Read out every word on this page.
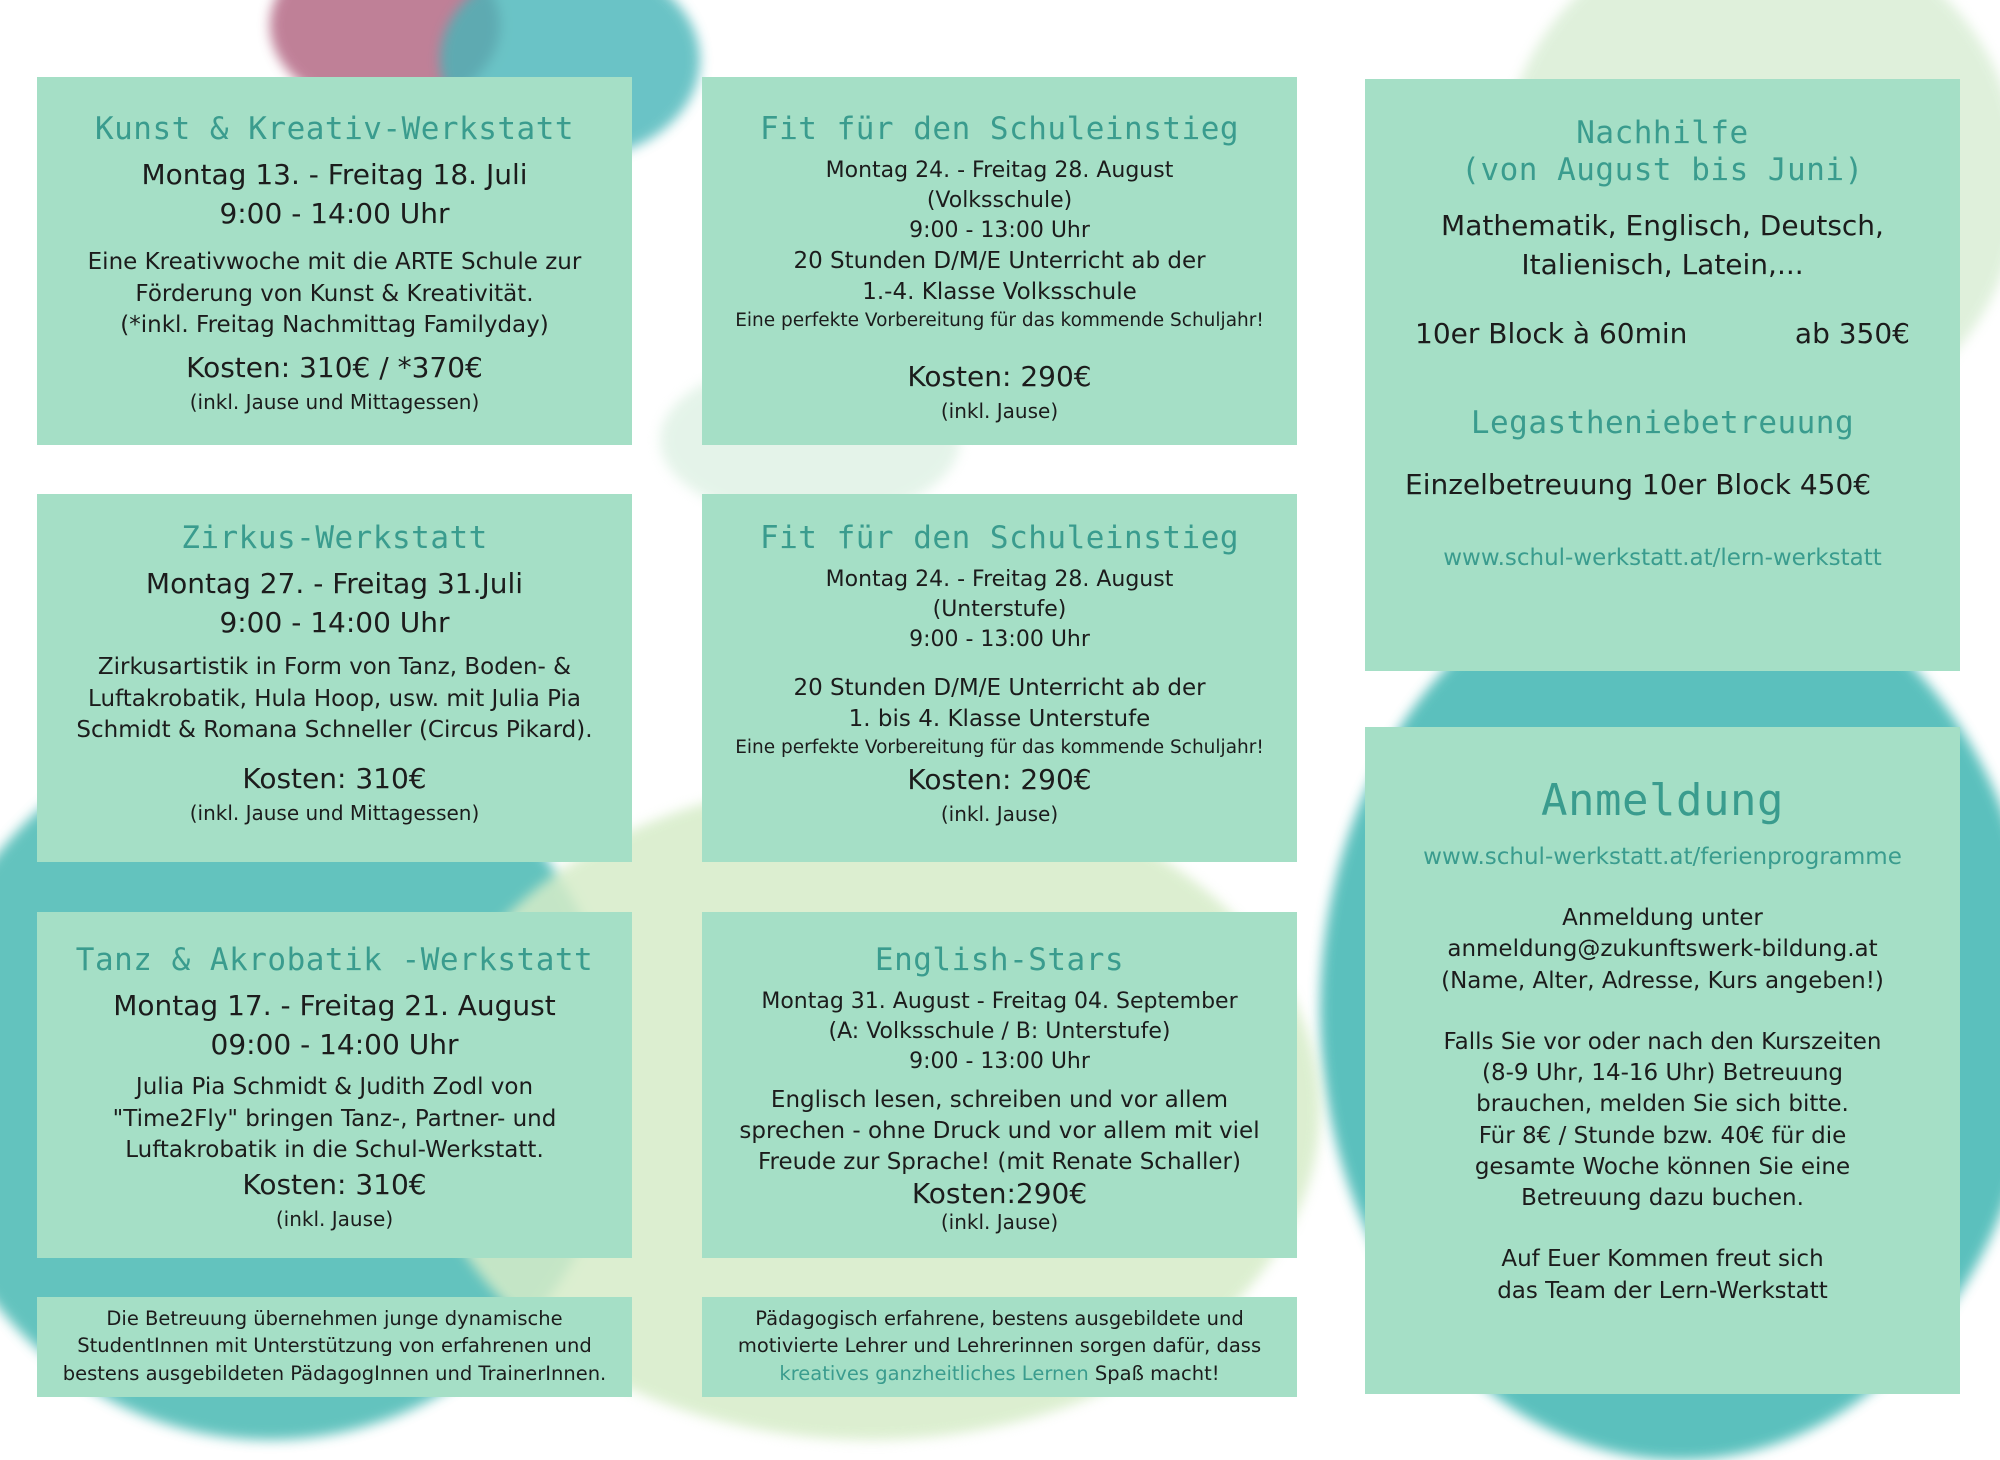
Kunst & Kreativ-Werkstatt
Montag 13. - Freitag 18. Juli
9:00 - 14:00 Uhr
Eine Kreativwoche mit die ARTE Schule zur
Förderung von Kunst & Kreativität.
(*inkl. Freitag Nachmittag Familyday)
Kosten: 310€ / *370€
(inkl. Jause und Mittagessen)
Fit für den Schuleinstieg
Montag 24. - Freitag 28. August
(Volksschule)
9:00 - 13:00 Uhr
20 Stunden D/M/E Unterricht ab der
1.-4. Klasse Volksschule
Eine perfekte Vorbereitung für das kommende Schuljahr!
Kosten: 290€
(inkl. Jause)
Nachhilfe
(von August bis Juni)
Mathematik, Englisch, Deutsch,
Italienisch, Latein,...
10er Block à 60min	ab 350€
Legastheniebetreuung
Einzelbetreuung 10er Block 450€
www.schul-werkstatt.at/lern-werkstatt
Zirkus-Werkstatt
Montag 27. - Freitag 31.Juli
9:00 - 14:00 Uhr
Zirkusartistik in Form von Tanz, Boden- &
Luftakrobatik, Hula Hoop, usw. mit Julia Pia
Schmidt & Romana Schneller (Circus Pikard).
Kosten: 310€
(inkl. Jause und Mittagessen)
Fit für den Schuleinstieg
Montag 24. - Freitag 28. August
(Unterstufe)
9:00 - 13:00 Uhr
20 Stunden D/M/E Unterricht ab der
1. bis 4. Klasse Unterstufe
Eine perfekte Vorbereitung für das kommende Schuljahr!
Kosten: 290€
(inkl. Jause)
Tanz & Akrobatik -Werkstatt
Montag 17. - Freitag 21. August
09:00 - 14:00 Uhr
Julia Pia Schmidt & Judith Zodl von
"Time2Fly" bringen Tanz-, Partner- und
Luftakrobatik in die Schul-Werkstatt.
Kosten: 310€
(inkl. Jause)
English-Stars
Montag 31. August - Freitag 04. September
(A: Volksschule / B: Unterstufe)
9:00 - 13:00 Uhr
Englisch lesen, schreiben und vor allem
sprechen - ohne Druck und vor allem mit viel
Freude zur Sprache! (mit Renate Schaller)
Kosten:290€
(inkl. Jause)
Anmeldung
www.schul-werkstatt.at/ferienprogramme
Anmeldung unter
anmeldung@zukunftswerk-bildung.at
(Name, Alter, Adresse, Kurs angeben!)
Falls Sie vor oder nach den Kurszeiten
(8-9 Uhr, 14-16 Uhr) Betreuung
brauchen, melden Sie sich bitte.
Für 8€ / Stunde bzw. 40€ für die
gesamte Woche können Sie eine
Betreuung dazu buchen.
Auf Euer Kommen freut sich
das Team der Lern-Werkstatt
Die Betreuung übernehmen junge dynamische
StudentInnen mit Unterstützung von erfahrenen und
bestens ausgebildeten PädagogInnen und TrainerInnen.
Pädagogisch erfahrene, bestens ausgebildete und
motivierte Lehrer und Lehrerinnen sorgen dafür, dass
kreatives ganzheitliches Lernen Spaß macht!
